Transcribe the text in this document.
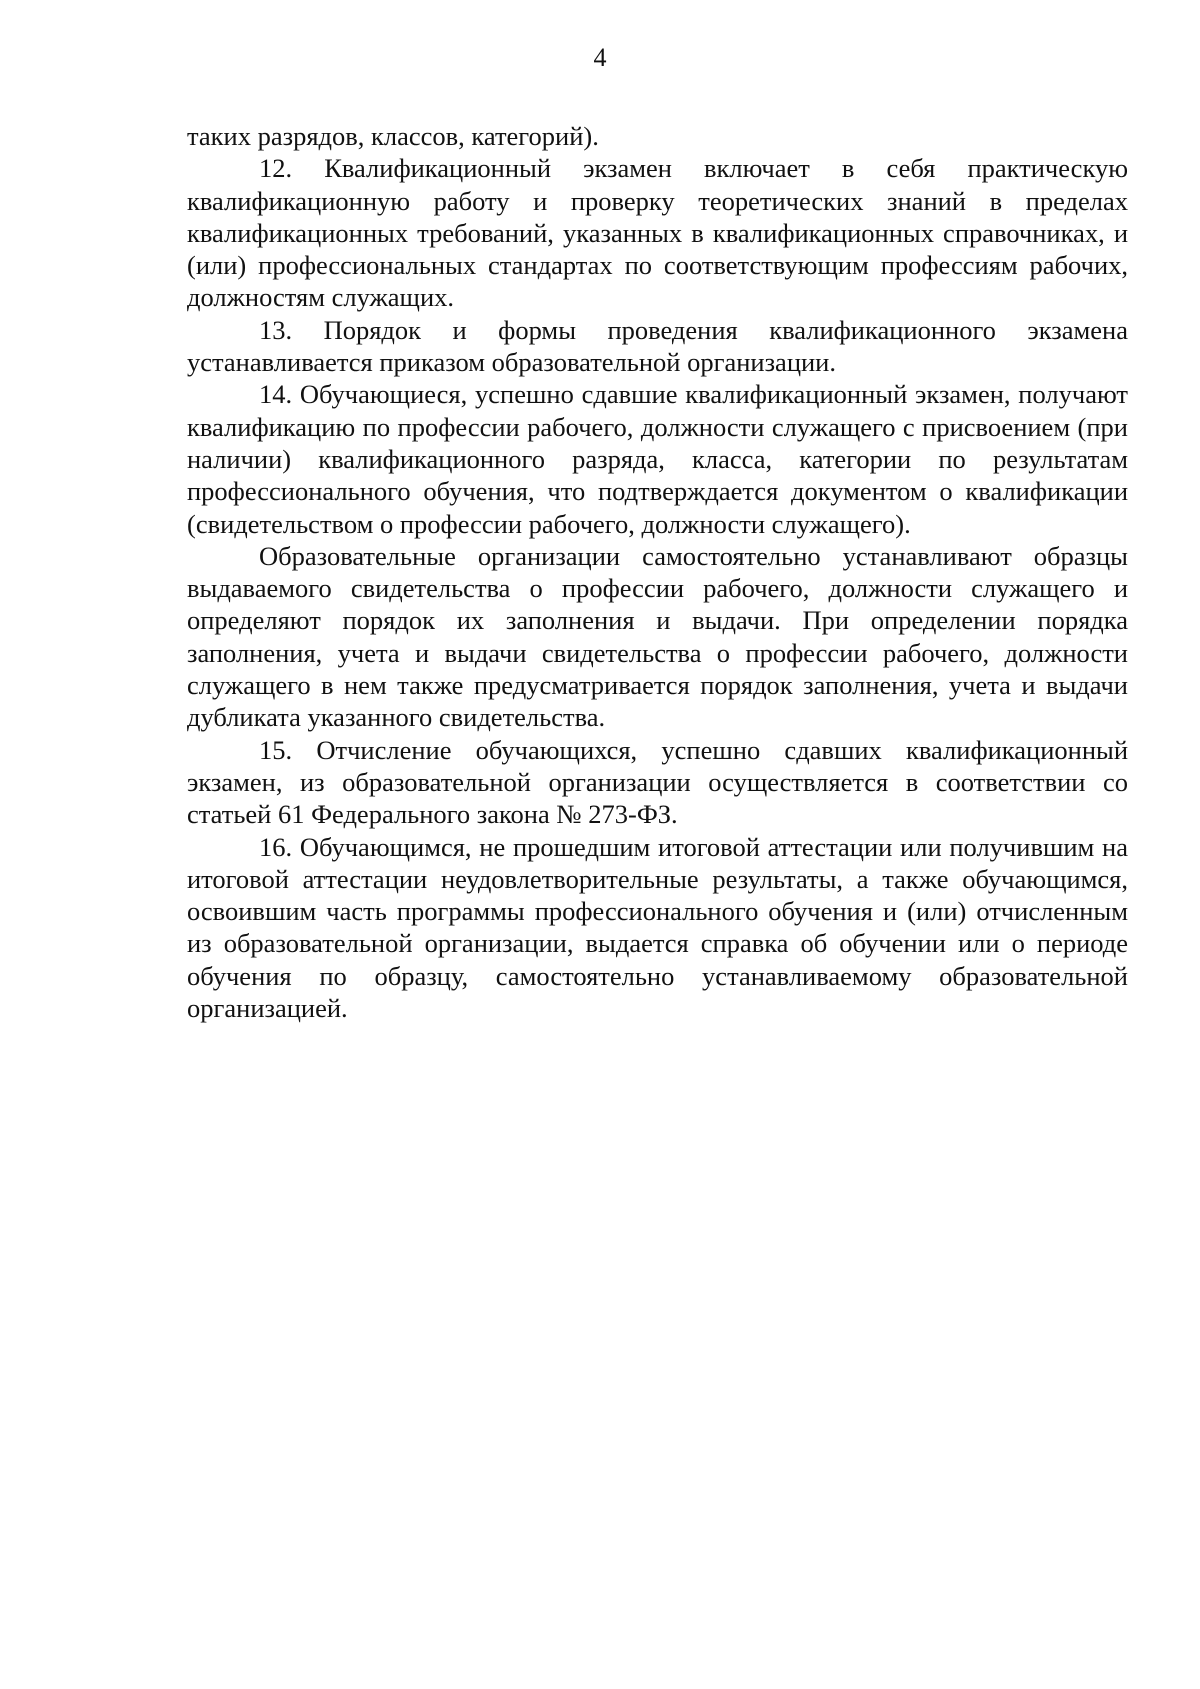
4

таких разрядов, классов, категорий).

12. Квалификационный экзамен включает в себя практическую квалификационную работу и проверку теоретических знаний в пределах квалификационных требований, указанных в квалификационных справочниках, и (или) профессиональных стандартах по соответствующим профессиям рабочих, должностям служащих.

13. Порядок и формы проведения квалификационного экзамена устанавливается приказом образовательной организации.

14. Обучающиеся, успешно сдавшие квалификационный экзамен, получают квалификацию по профессии рабочего, должности служащего с присвоением (при наличии) квалификационного разряда, класса, категории по результатам профессионального обучения, что подтверждается документом о квалификации (свидетельством о профессии рабочего, должности служащего).

Образовательные организации самостоятельно устанавливают образцы выдаваемого свидетельства о профессии рабочего, должности служащего и определяют порядок их заполнения и выдачи. При определении порядка заполнения, учета и выдачи свидетельства о профессии рабочего, должности служащего в нем также предусматривается порядок заполнения, учета и выдачи дубликата указанного свидетельства.

15. Отчисление обучающихся, успешно сдавших квалификационный экзамен, из образовательной организации осуществляется в соответствии со статьей 61 Федерального закона № 273-ФЗ.

16. Обучающимся, не прошедшим итоговой аттестации или получившим на итоговой аттестации неудовлетворительные результаты, а также обучающимся, освоившим часть программы профессионального обучения и (или) отчисленным из образовательной организации, выдается справка об обучении или о периоде обучения по образцу, самостоятельно устанавливаемому образовательной организацией.
